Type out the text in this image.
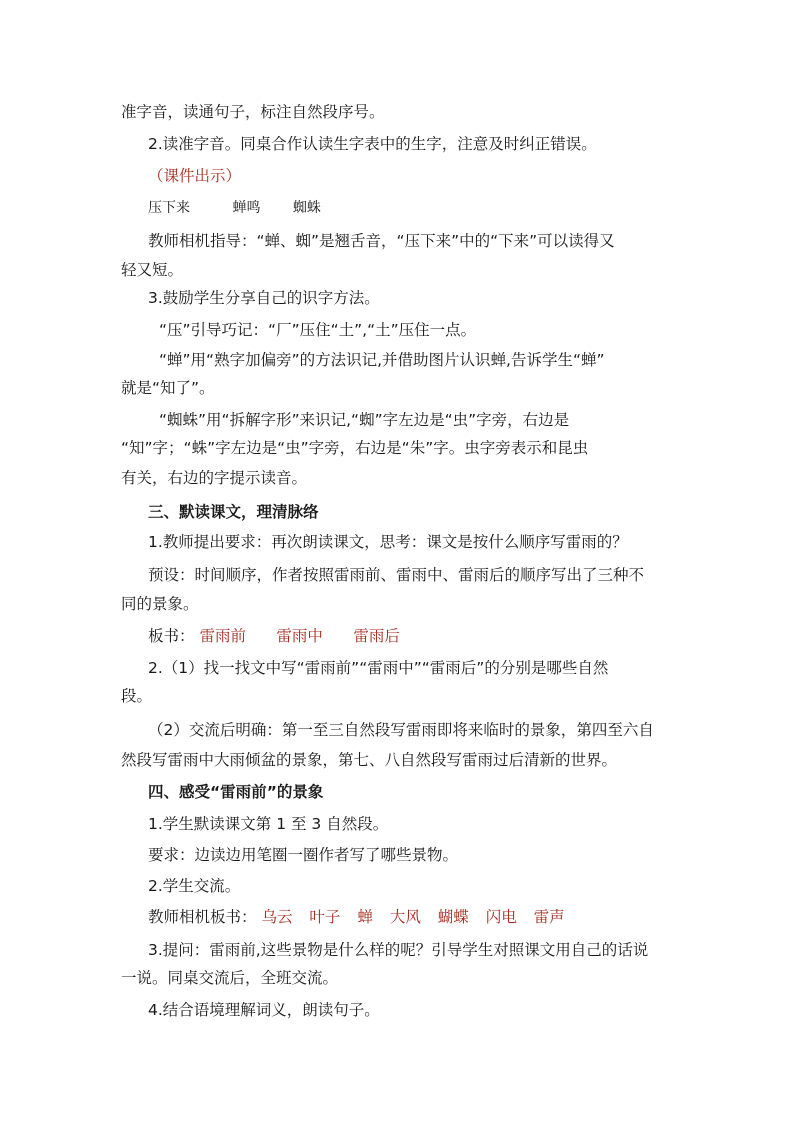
准字音，读通句子，标注自然段序号。
2.读准字音。同桌合作认读生字表中的生字，注意及时纠正错误。
（课件出示）
压下来	蝉鸣 蜘蛛
教师相机指导：“蝉、蜘”是翘舌音，“压下来”中的“下来”可以读得又
轻又短。
3.鼓励学生分享自己的识字方法。
“压”引导巧记：“厂”压住“土”,“土”压住一点。
“蝉”用“熟字加偏旁”的方法识记,并借助图片认识蝉,告诉学生“蝉”
就是“知了”。
“蜘蛛”用“拆解字形”来识记,“蜘”字左边是“虫”字旁，右边是
“知”字；“蛛”字左边是“虫”字旁，右边是“朱”字。虫字旁表示和昆虫
有关，右边的字提示读音。
三、默读课文，理清脉络
1.教师提出要求：再次朗读课文，思考：课文是按什么顺序写雷雨的？
预设：时间顺序，作者按照雷雨前、雷雨中、雷雨后的顺序写出了三种不
同的景象。
板书： 雷雨前 雷雨中 雷雨后
2.（1）找一找文中写“雷雨前”“雷雨中”“雷雨后”的分别是哪些自然
段。
（2）交流后明确：第一至三自然段写雷雨即将来临时的景象，第四至六自
然段写雷雨中大雨倾盆的景象，第七、八自然段写雷雨过后清新的世界。
四、感受“雷雨前”的景象
1.学生默读课文第 1 至 3 自然段。
要求：边读边用笔圈一圈作者写了哪些景物。
2.学生交流。
教师相机板书： 乌云 叶子 蝉 大风 蝴蝶 闪电 雷声
3.提问：雷雨前,这些景物是什么样的呢？引导学生对照课文用自己的话说
一说。同桌交流后，全班交流。
4.结合语境理解词义，朗读句子。
